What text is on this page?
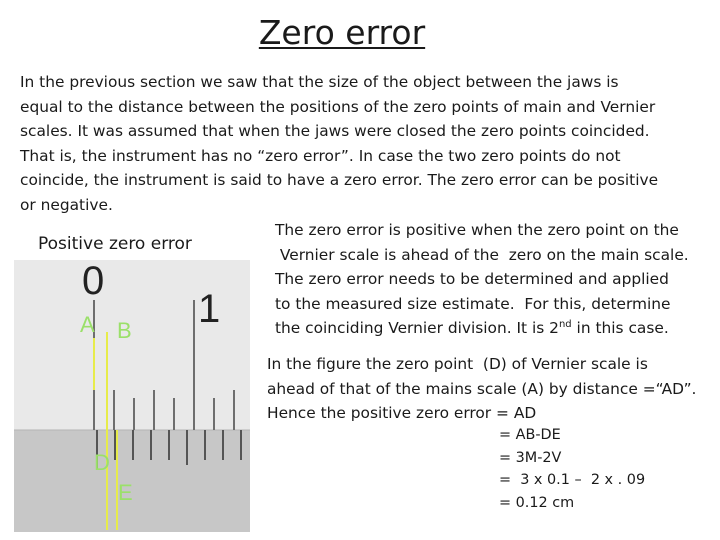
Zero error
In the previous section we saw that the size of the object between the jaws is
equal to the distance between the positions of the zero points of main and Vernier
scales. It was assumed that when the jaws were closed the zero points coincided.
That is, the instrument has no “zero error”. In case the two zero points do not
coincide, the instrument is said to have a zero error. The zero error can be positive
or negative.
Positive zero error
0
1
A B
D
E
The zero error is positive when the zero point on the
Vernier scale is ahead of the  zero on the main scale.
The zero error needs to be determined and applied
to the measured size estimate.  For this, determine
the coinciding Vernier division. It is 2nd in this case.
In the figure the zero point  (D) of Vernier scale is
ahead of that of the mains scale (A) by distance =“AD”.
Hence the positive zero error = AD
= AB-DE
= 3M-2V
=  3 x 0.1 –  2 x . 09
= 0.12 cm
